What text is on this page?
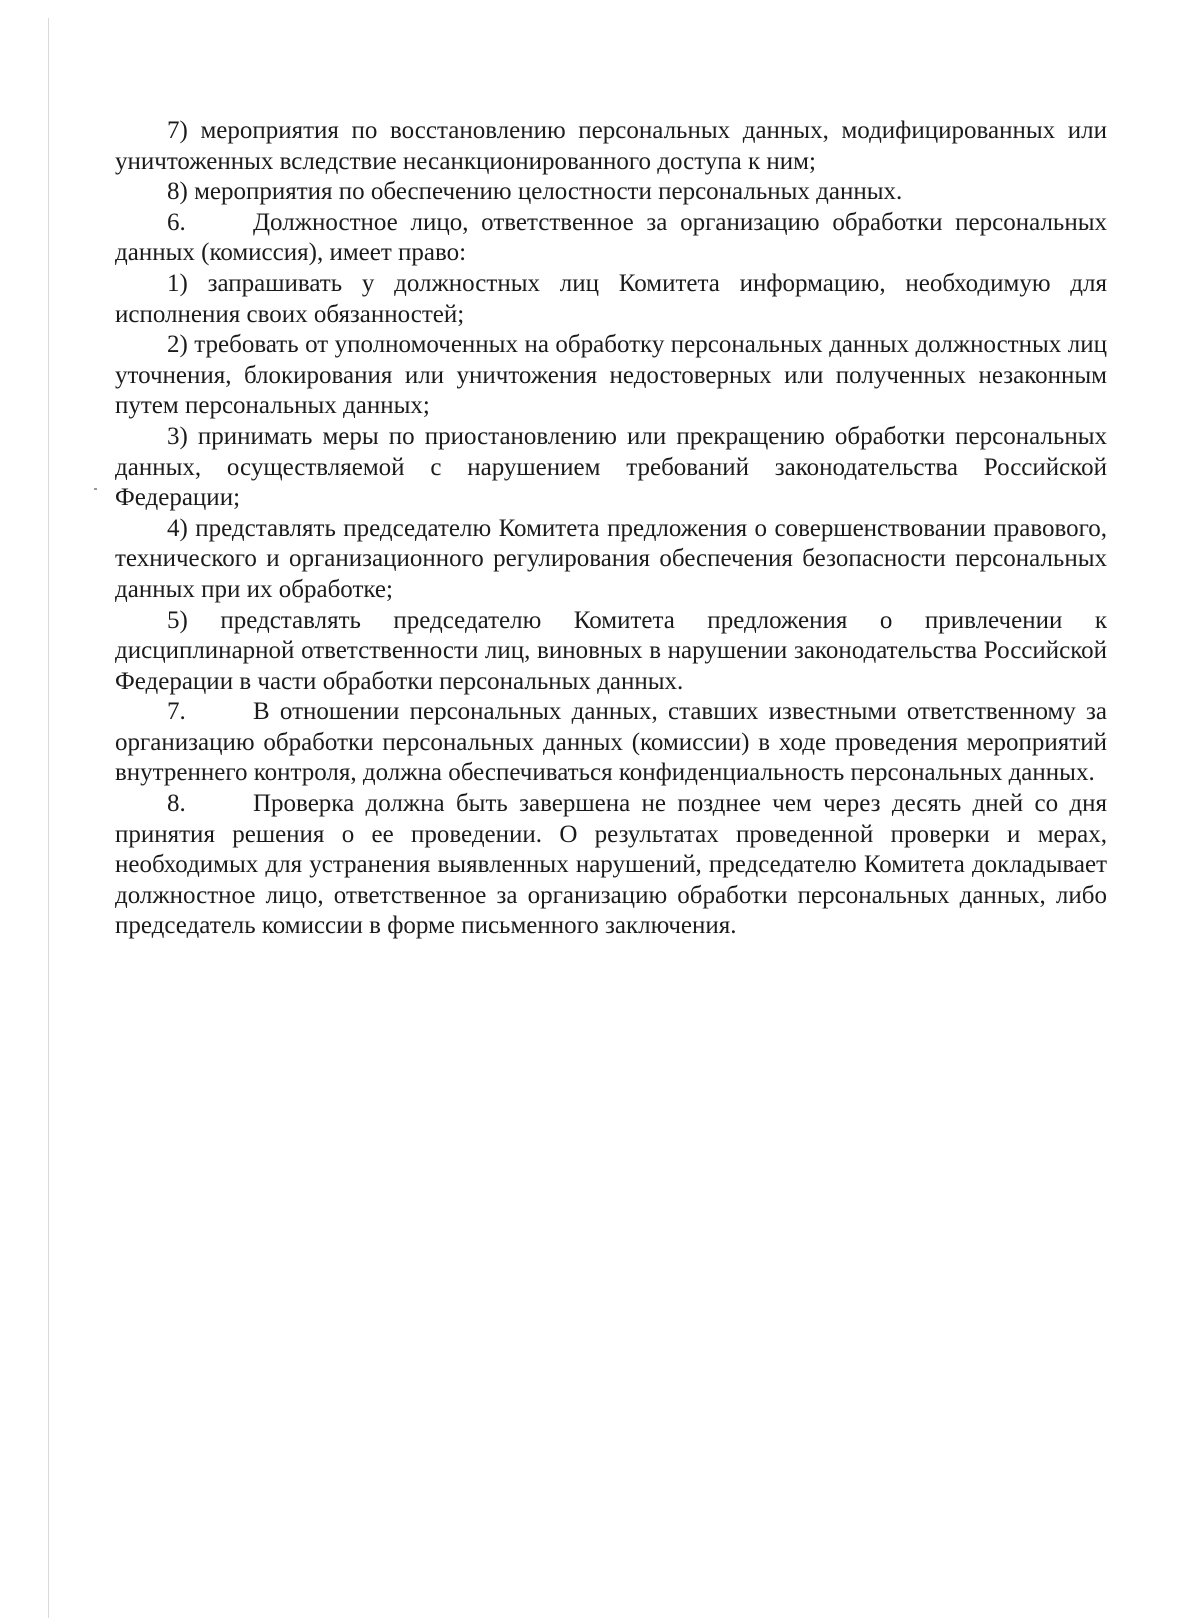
7) мероприятия по восстановлению персональных данных, модифицированных или уничтоженных вследствие несанкционированного доступа к ним;

8) мероприятия по обеспечению целостности персональных данных.

6.	Должностное лицо, ответственное за организацию обработки персональных данных (комиссия), имеет право:

1) запрашивать у должностных лиц Комитета информацию, необходимую для исполнения своих обязанностей;

2) требовать от уполномоченных на обработку персональных данных должностных лиц уточнения, блокирования или уничтожения недостоверных или полученных незаконным путем персональных данных;

3) принимать меры по приостановлению или прекращению обработки персональных данных, осуществляемой с нарушением требований законодательства Российской Федерации;

4) представлять председателю Комитета предложения о совершенствовании правового, технического и организационного регулирования обеспечения безопасности персональных данных при их обработке;

5) представлять председателю Комитета предложения о привлечении к дисциплинарной ответственности лиц, виновных в нарушении законодательства Российской Федерации в части обработки персональных данных.

7.	В отношении персональных данных, ставших известными ответственному за организацию обработки персональных данных (комиссии) в ходе проведения мероприятий внутреннего контроля, должна обеспечиваться конфиденциальность персональных данных.

8.	Проверка должна быть завершена не позднее чем через десять дней со дня принятия решения о ее проведении. О результатах проведенной проверки и мерах, необходимых для устранения выявленных нарушений, председателю Комитета докладывает должностное лицо, ответственное за организацию обработки персональных данных, либо председатель комиссии в форме письменного заключения.
